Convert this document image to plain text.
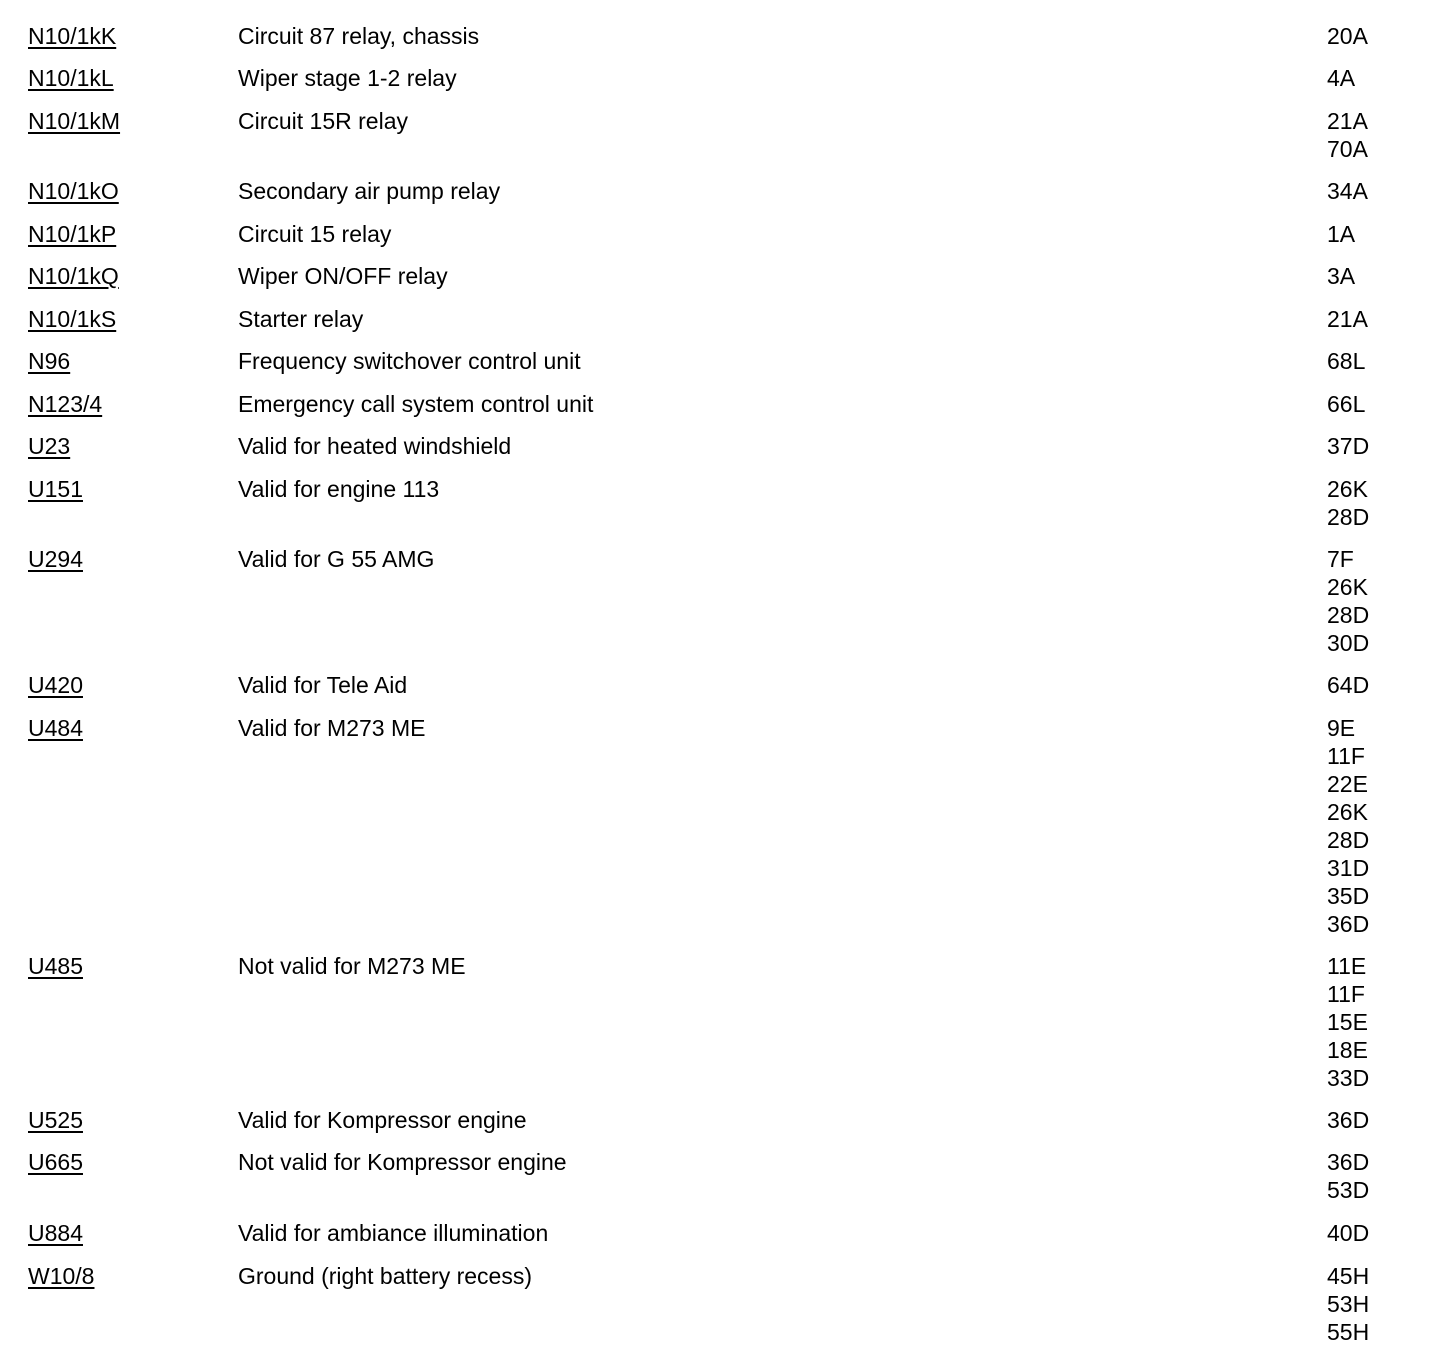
N10/1kK	Circuit 87 relay, chassis	20A
N10/1kL	Wiper stage 1-2 relay	4A
N10/1kM	Circuit 15R relay	21A
70A
N10/1kO	Secondary air pump relay	34A
N10/1kP	Circuit 15 relay	1A
N10/1kQ	Wiper ON/OFF relay	3A
N10/1kS	Starter relay	21A
N96	Frequency switchover control unit	68L
N123/4	Emergency call system control unit	66L
U23	Valid for heated windshield	37D
U151	Valid for engine 113	26K
28D
U294	Valid for G 55 AMG	7F
26K
28D
30D
U420	Valid for Tele Aid	64D
U484	Valid for M273 ME	9E
11F
22E
26K
28D
31D
35D
36D
U485	Not valid for M273 ME	11E
11F
15E
18E
33D
U525	Valid for Kompressor engine	36D
U665	Not valid for Kompressor engine	36D
53D
U884	Valid for ambiance illumination	40D
W10/8	Ground (right battery recess)	45H
53H
55H
